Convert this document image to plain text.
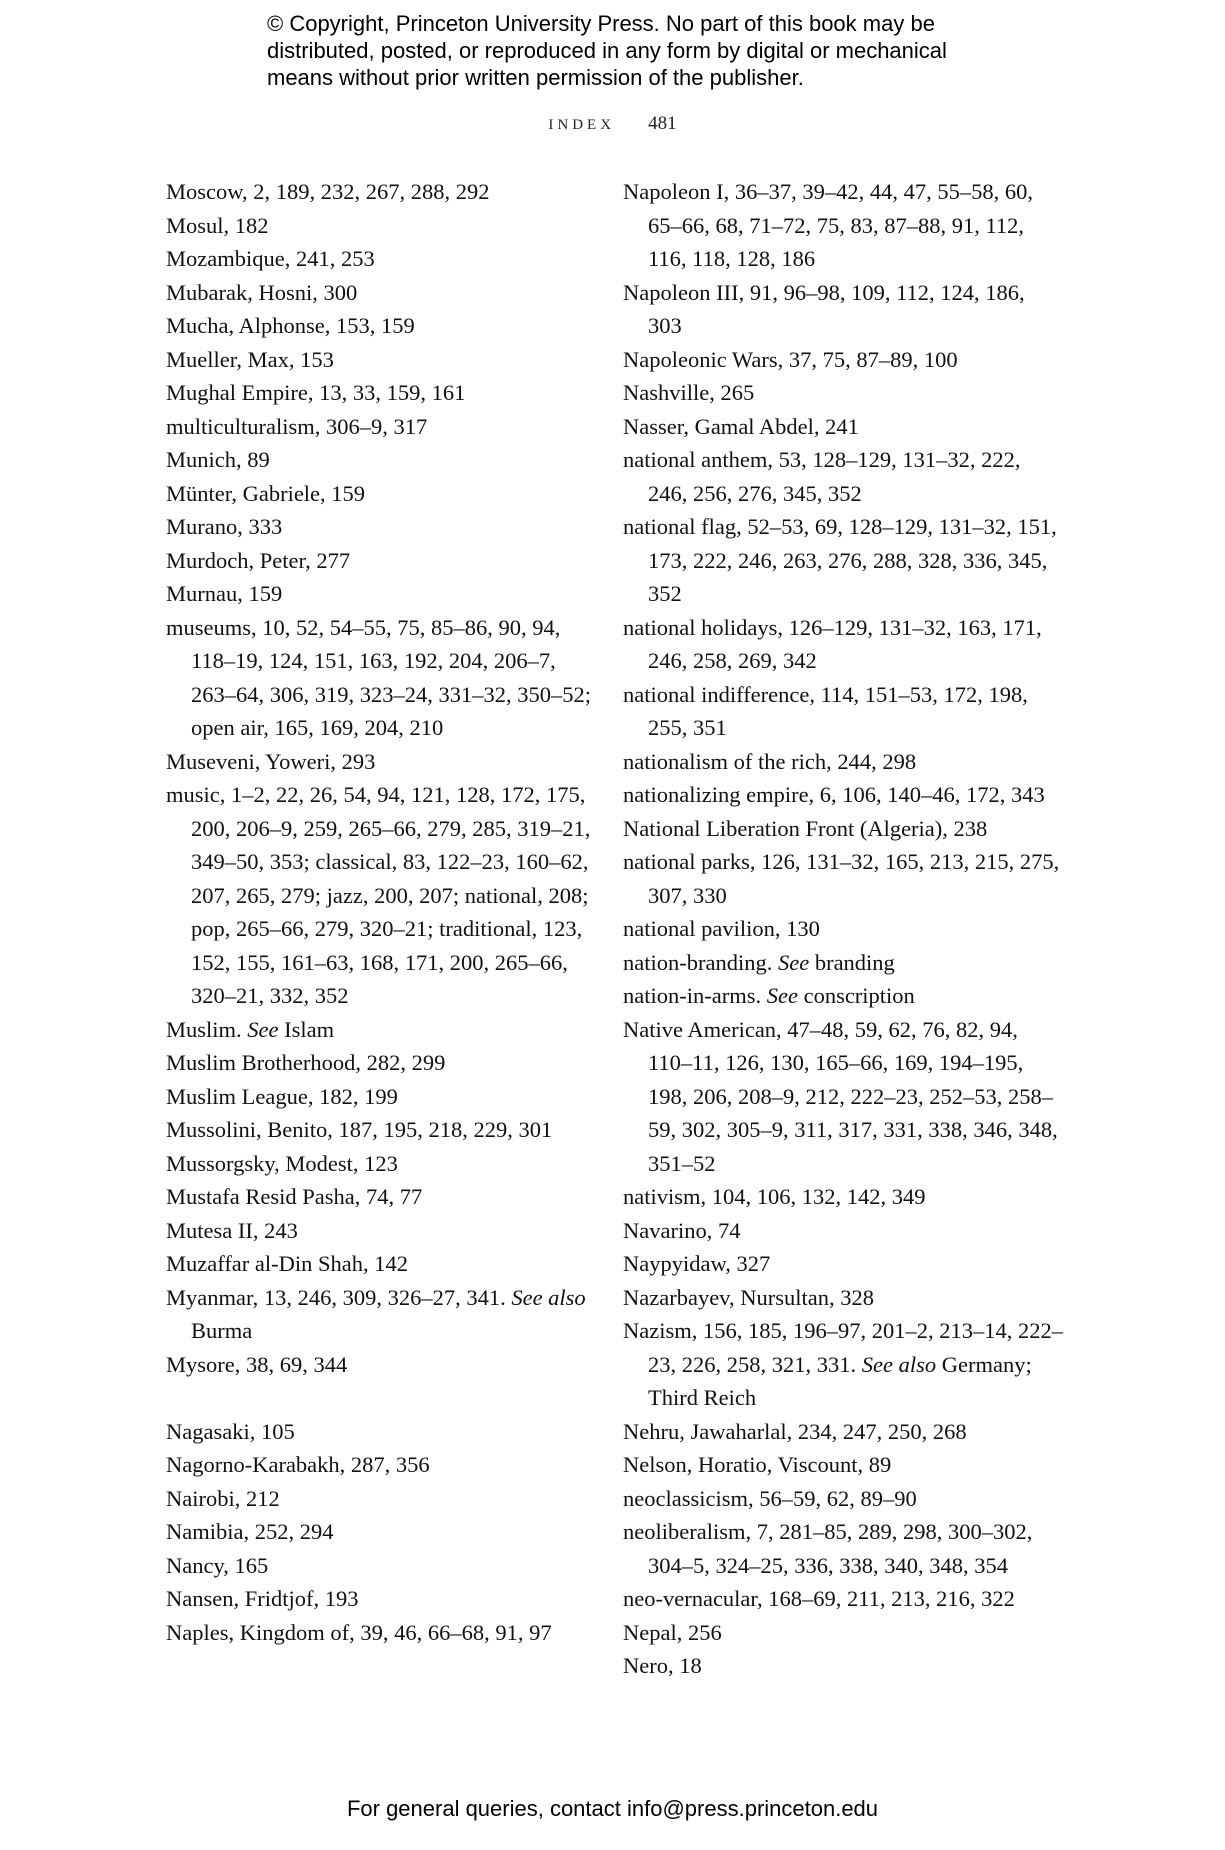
© Copyright, Princeton University Press. No part of this book may be
distributed, posted, or reproduced in any form by digital or mechanical
means without prior written permission of the publisher.
INDEX 481
Moscow, 2, 189, 232, 267, 288, 292
Mosul, 182
Mozambique, 241, 253
Mubarak, Hosni, 300
Mucha, Alphonse, 153, 159
Mueller, Max, 153
Mughal Empire, 13, 33, 159, 161
multiculturalism, 306–9, 317
Munich, 89
Münter, Gabriele, 159
Murano, 333
Murdoch, Peter, 277
Murnau, 159
museums, 10, 52, 54–55, 75, 85–86, 90, 94, 118–19, 124, 151, 163, 192, 204, 206–7, 263–64, 306, 319, 323–24, 331–32, 350–52; open air, 165, 169, 204, 210
Museveni, Yoweri, 293
music, 1–2, 22, 26, 54, 94, 121, 128, 172, 175, 200, 206–9, 259, 265–66, 279, 285, 319–21, 349–50, 353; classical, 83, 122–23, 160–62, 207, 265, 279; jazz, 200, 207; national, 208; pop, 265–66, 279, 320–21; traditional, 123, 152, 155, 161–63, 168, 171, 200, 265–66, 320–21, 332, 352
Muslim. See Islam
Muslim Brotherhood, 282, 299
Muslim League, 182, 199
Mussolini, Benito, 187, 195, 218, 229, 301
Mussorgsky, Modest, 123
Mustafa Resid Pasha, 74, 77
Mutesa II, 243
Muzaffar al-Din Shah, 142
Myanmar, 13, 246, 309, 326–27, 341. See also Burma
Mysore, 38, 69, 344
Nagasaki, 105
Nagorno-Karabakh, 287, 356
Nairobi, 212
Namibia, 252, 294
Nancy, 165
Nansen, Fridtjof, 193
Naples, Kingdom of, 39, 46, 66–68, 91, 97
Napoleon I, 36–37, 39–42, 44, 47, 55–58, 60, 65–66, 68, 71–72, 75, 83, 87–88, 91, 112, 116, 118, 128, 186
Napoleon III, 91, 96–98, 109, 112, 124, 186, 303
Napoleonic Wars, 37, 75, 87–89, 100
Nashville, 265
Nasser, Gamal Abdel, 241
national anthem, 53, 128–129, 131–32, 222, 246, 256, 276, 345, 352
national flag, 52–53, 69, 128–129, 131–32, 151, 173, 222, 246, 263, 276, 288, 328, 336, 345, 352
national holidays, 126–129, 131–32, 163, 171, 246, 258, 269, 342
national indifference, 114, 151–53, 172, 198, 255, 351
nationalism of the rich, 244, 298
nationalizing empire, 6, 106, 140–46, 172, 343
National Liberation Front (Algeria), 238
national parks, 126, 131–32, 165, 213, 215, 275, 307, 330
national pavilion, 130
nation-branding. See branding
nation-in-arms. See conscription
Native American, 47–48, 59, 62, 76, 82, 94, 110–11, 126, 130, 165–66, 169, 194–195, 198, 206, 208–9, 212, 222–23, 252–53, 258–59, 302, 305–9, 311, 317, 331, 338, 346, 348, 351–52
nativism, 104, 106, 132, 142, 349
Navarino, 74
Naypyidaw, 327
Nazarbayev, Nursultan, 328
Nazism, 156, 185, 196–97, 201–2, 213–14, 222–23, 226, 258, 321, 331. See also Germany; Third Reich
Nehru, Jawaharlal, 234, 247, 250, 268
Nelson, Horatio, Viscount, 89
neoclassicism, 56–59, 62, 89–90
neoliberalism, 7, 281–85, 289, 298, 300–302, 304–5, 324–25, 336, 338, 340, 348, 354
neo-vernacular, 168–69, 211, 213, 216, 322
Nepal, 256
Nero, 18
For general queries, contact info@press.princeton.edu
